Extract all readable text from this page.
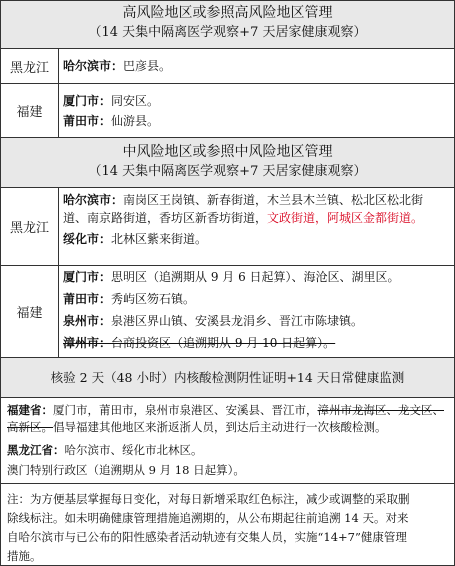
高风险地区或参照高风险地区管理
（14 天集中隔离医学观察+7 天居家健康观察）
黑龙江	哈尔滨市：巴彦县。
福建
厦门市：同安区。
莆田市：仙游县。
中风险地区或参照中风险地区管理
（14 天集中隔离医学观察+7 天居家健康观察）
黑龙江
哈尔滨市：南岗区王岗镇、新春街道，木兰县木兰镇、松北区松北街
道、南京路街道，香坊区新香坊街道，文政街道，阿城区金都街道。
绥化市：北林区紫来街道。
福建
厦门市：思明区（追溯期从 9 月 6 日起算）、海沧区、湖里区。
莆田市：秀屿区笏石镇。
泉州市：泉港区界山镇、安溪县龙涓乡、晋江市陈埭镇。
漳州市：台商投资区（追溯期从 9 月 10 日起算）。
核验 2 天（48 小时）内核酸检测阴性证明+14 天日常健康监测
福建省：厦门市，莆田市，泉州市泉港区、安溪县、晋江市，漳州市龙海区、龙文区、高新区。倡导福建其他地区来浙返浙人员，到达后主动进行一次核酸检测。
黑龙江省：哈尔滨市、绥化市北林区。
澳门特别行政区（追溯期从 9 月 18 日起算）。
注：为方便基层掌握每日变化，对每日新增采取红色标注，减少或调整的采取删
除线标注。如未明确健康管理措施追溯期的，从公布期起往前追溯 14 天。对来
自哈尔滨市与已公布的阳性感染者活动轨迹有交集人员，实施“14+7”健康管理
措施。
